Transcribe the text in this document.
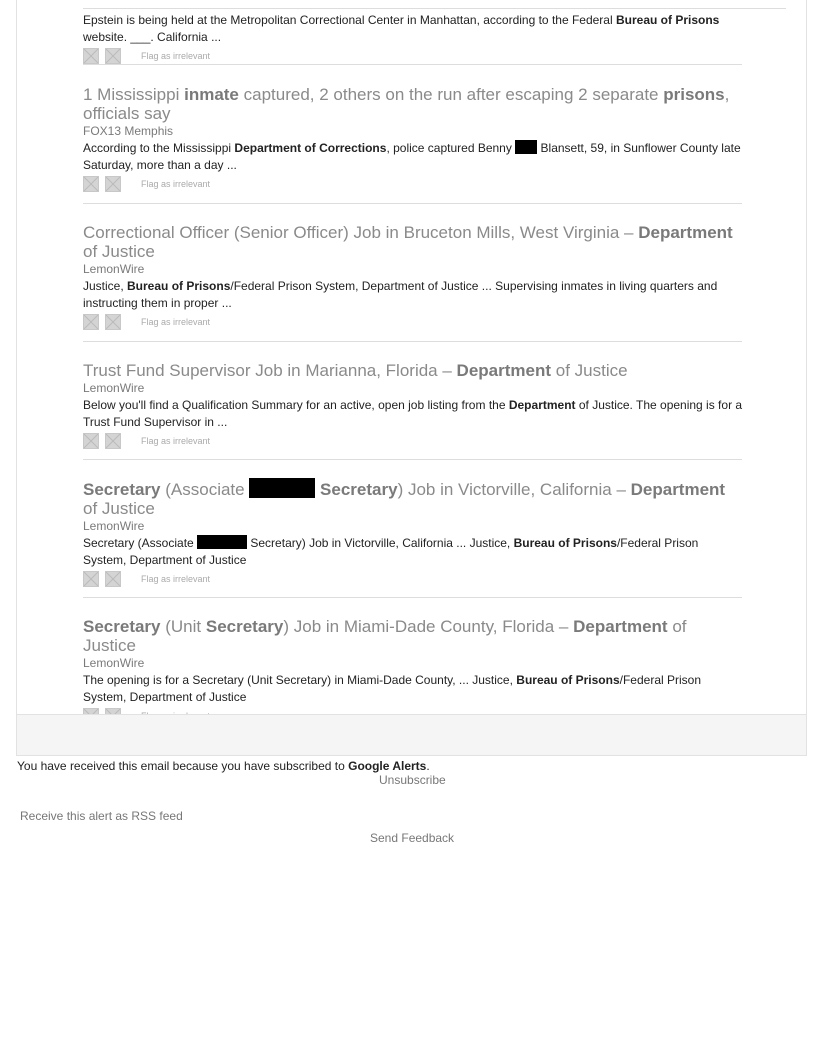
Epstein is being held at the Metropolitan Correctional Center in Manhattan, according to the Federal Bureau of Prisons
website. ___. California ...

Flag as irrelevant

1 Mississippi inmate captured, 2 others on the run after escaping 2 separate prisons, officials say

FOX13 Memphis

According to the Mississippi Department of Corrections, police captured Benny  Blansett, 59, in Sunflower County late Saturday, more than a day ...

Flag as irrelevant

Correctional Officer (Senior Officer) Job in Bruceton Mills, West Virginia – Department of Justice

LemonWire

Justice, Bureau of Prisons/Federal Prison System, Department of Justice ... Supervising inmates in living quarters and instructing them in proper ...

Flag as irrelevant

Trust Fund Supervisor Job in Marianna, Florida – Department of Justice

LemonWire

Below you'll find a Qualification Summary for an active, open job listing from the Department of Justice. The opening is for a Trust Fund Supervisor in ...

Flag as irrelevant

Secretary (Associate	Secretary) Job in Victorville, California – Department of Justice

LemonWire

Secretary (Associate	Secretary) Job in Victorville, California ... Justice, Bureau of Prisons/Federal Prison System, Department of Justice

Flag as irrelevant

Secretary (Unit Secretary) Job in Miami-Dade County, Florida – Department of Justice

LemonWire

The opening is for a Secretary (Unit Secretary) in Miami-Dade County, ... Justice, Bureau of Prisons/Federal Prison System, Department of Justice

You have received this email because you have subscribed to Google Alerts.
Unsubscribe
Receive this alert as RSS feed
Send Feedback
